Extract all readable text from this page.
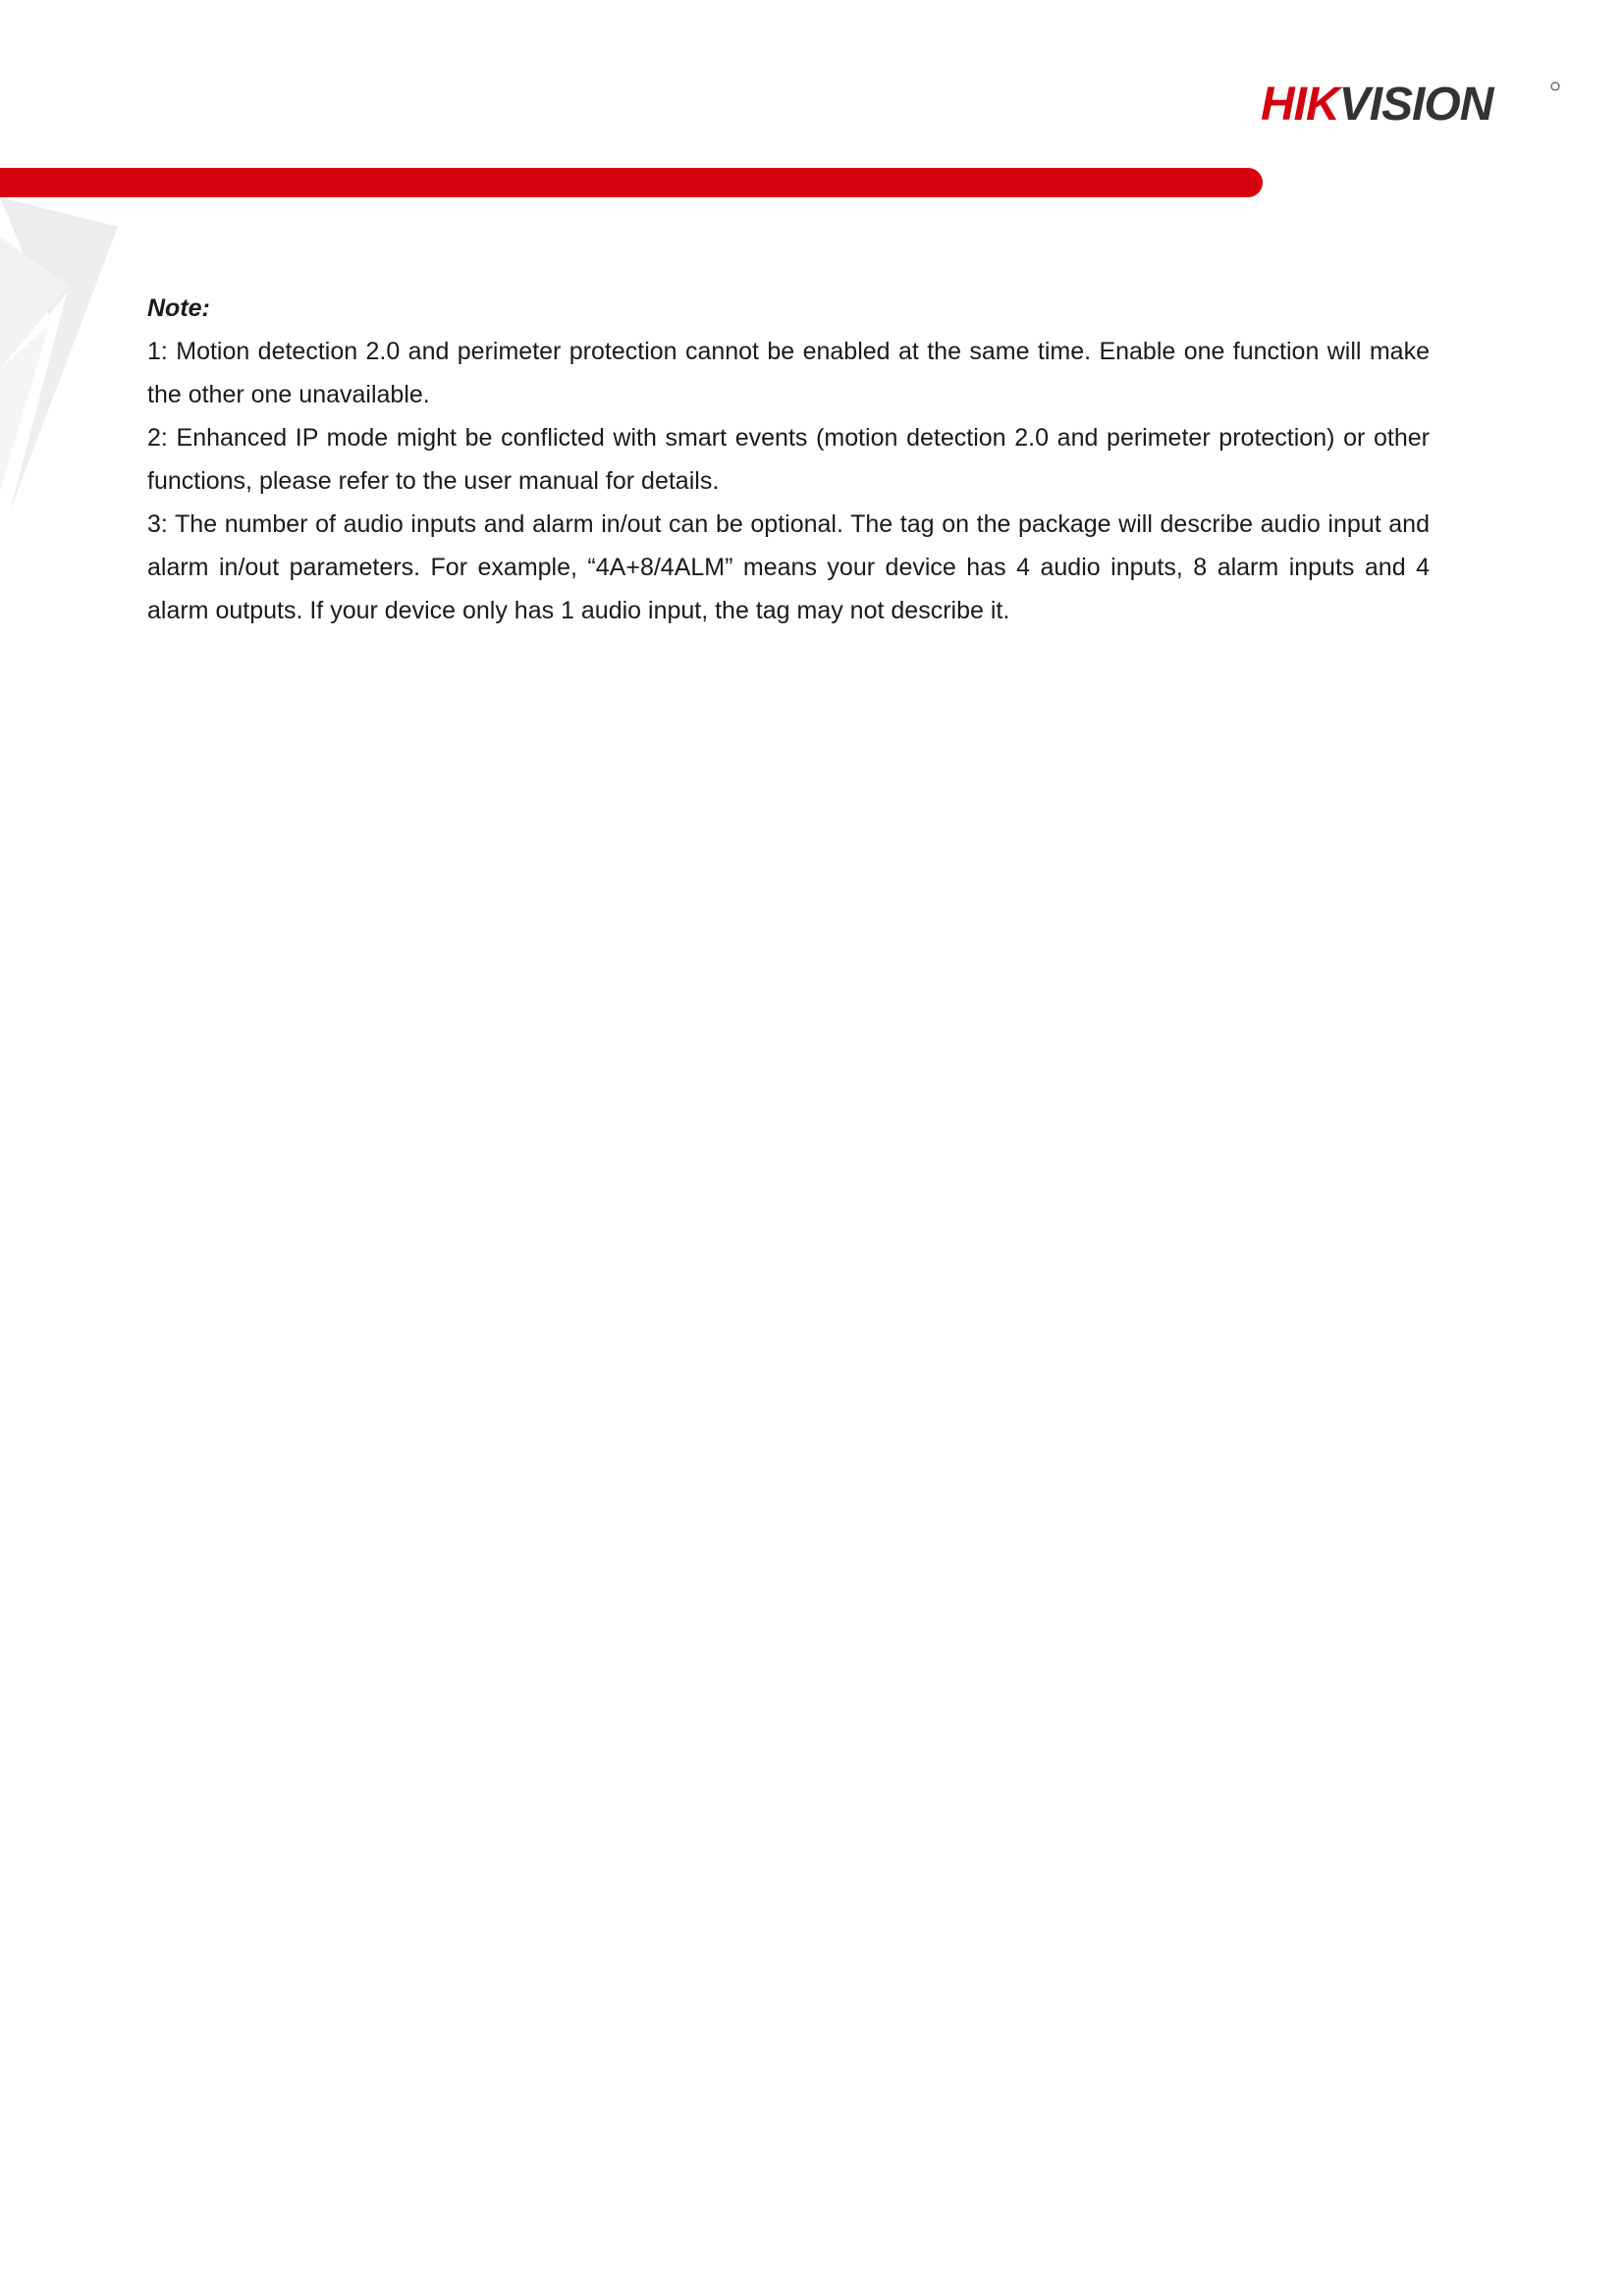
HIKVISION

Note:

1: Motion detection 2.0 and perimeter protection cannot be enabled at the same time. Enable one function will make the other one unavailable.

2: Enhanced IP mode might be conflicted with smart events (motion detection 2.0 and perimeter protection) or other functions, please refer to the user manual for details.

3: The number of audio inputs and alarm in/out can be optional. The tag on the package will describe audio input and alarm in/out parameters. For example, “4A+8/4ALM” means your device has 4 audio inputs, 8 alarm inputs and 4 alarm outputs. If your device only has 1 audio input, the tag may not describe it.
